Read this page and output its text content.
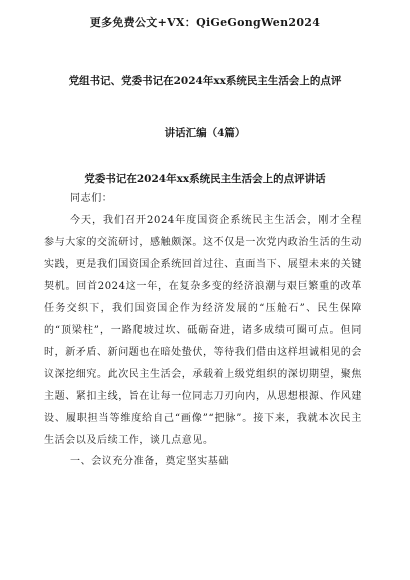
更多免费公文+VX：QiGeGongWen2024
党组书记、党委书记在2024年xx系统民主生活会上的点评
讲话汇编（4篇）
党委书记在2024年xx系统民主生活会上的点评讲话
同志们：
今天，我们召开2024年度国资企系统民主生活会，刚才全程参与大家的交流研讨，感触颇深。这不仅是一次党内政治生活的生动实践，更是我们国资国企系统回首过往、直面当下、展望未来的关键契机。回首2024这一年，在复杂多变的经济浪潮与艰巨繁重的改革任务交织下，我们国资国企作为经济发展的“压舱石”、民生保障的“顶梁柱”，一路爬坡过坎、砥砺奋进，诸多成绩可圈可点。但同时，新矛盾、新问题也在暗处蛰伏，等待我们借由这样坦诚相见的会议深挖细究。此次民主生活会，承载着上级党组织的深切期望，聚焦主题、紧扣主线，旨在让每一位同志刀刃向内，从思想根源、作风建设、履职担当等维度给自己“画像”“把脉”。接下来，我就本次民主生活会以及后续工作，谈几点意见。
一、会议充分准备，奠定坚实基础
